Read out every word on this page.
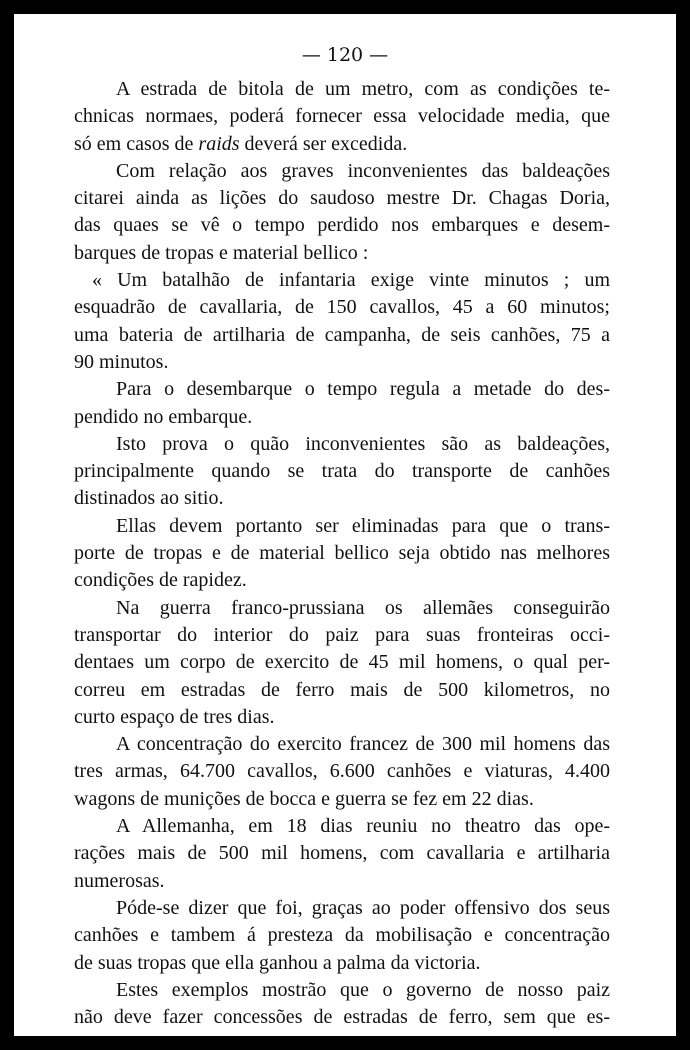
— 120 —
A estrada de bitola de um metro, com as condições te-
chnicas normaes, poderá fornecer essa velocidade media, que
só em casos de raids deverá ser excedida.
Com relação aos graves inconvenientes das baldeações
citarei ainda as lições do saudoso mestre Dr. Chagas Doria,
das quaes se vê o tempo perdido nos embarques e desem-
barques de tropas e material bellico :
« Um batalhão de infantaria exige vinte minutos ; um
esquadrão de cavallaria, de 150 cavallos, 45 a 60 minutos;
uma bateria de artilharia de campanha, de seis canhões, 75 a
90 minutos.
Para o desembarque o tempo regula a metade do des-
pendido no embarque.
Isto prova o quão inconvenientes são as baldeações,
principalmente quando se trata do transporte de canhões
distinados ao sitio.
Ellas devem portanto ser eliminadas para que o trans-
porte de tropas e de material bellico seja obtido nas melhores
condições de rapidez.
Na guerra franco-prussiana os allemães conseguirão
transportar do interior do paiz para suas fronteiras occi-
dentaes um corpo de exercito de 45 mil homens, o qual per-
correu em estradas de ferro mais de 500 kilometros, no
curto espaço de tres dias.
A concentração do exercito francez de 300 mil homens das
tres armas, 64.700 cavallos, 6.600 canhões e viaturas, 4.400
wagons de munições de bocca e guerra se fez em 22 dias.
A Allemanha, em 18 dias reuniu no theatro das ope-
rações mais de 500 mil homens, com cavallaria e artilharia
numerosas.
Póde-se dizer que foi, graças ao poder offensivo dos seus
canhões e tambem á presteza da mobilisação e concentração
de suas tropas que ella ganhou a palma da victoria.
Estes exemplos mostrão que o governo de nosso paiz
não deve fazer concessões de estradas de ferro, sem que es-
